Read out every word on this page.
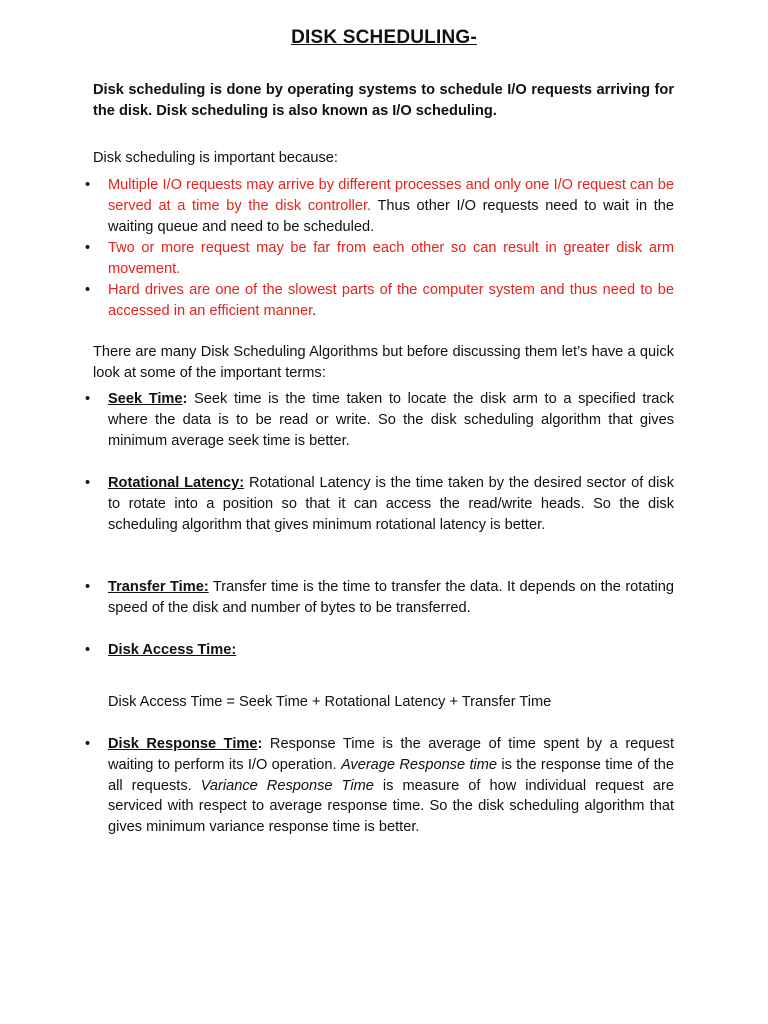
DISK SCHEDULING-
Disk scheduling is done by operating systems to schedule I/O requests arriving for the disk. Disk scheduling is also known as I/O scheduling.
Disk scheduling is important because:
•	Multiple I/O requests may arrive by different processes and only one I/O request can be served at a time by the disk controller. Thus other I/O requests need to wait in the waiting queue and need to be scheduled.
•	Two or more request may be far from each other so can result in greater disk arm movement.
•	Hard drives are one of the slowest parts of the computer system and thus need to be accessed in an efficient manner.
There are many Disk Scheduling Algorithms but before discussing them let’s have a quick look at some of the important terms:
•	Seek Time: Seek time is the time taken to locate the disk arm to a specified track where the data is to be read or write. So the disk scheduling algorithm that gives minimum average seek time is better.
•	Rotational Latency: Rotational Latency is the time taken by the desired sector of disk to rotate into a position so that it can access the read/write heads. So the disk scheduling algorithm that gives minimum rotational latency is better.
•	Transfer Time: Transfer time is the time to transfer the data. It depends on the rotating speed of the disk and number of bytes to be transferred.
•	Disk Access Time:
Disk Access Time = Seek Time + Rotational Latency + Transfer Time
•	Disk Response Time: Response Time is the average of time spent by a request waiting to perform its I/O operation. Average Response time is the response time of the all requests. Variance Response Time is measure of how individual request are serviced with respect to average response time. So the disk scheduling algorithm that gives minimum variance response time is better.
